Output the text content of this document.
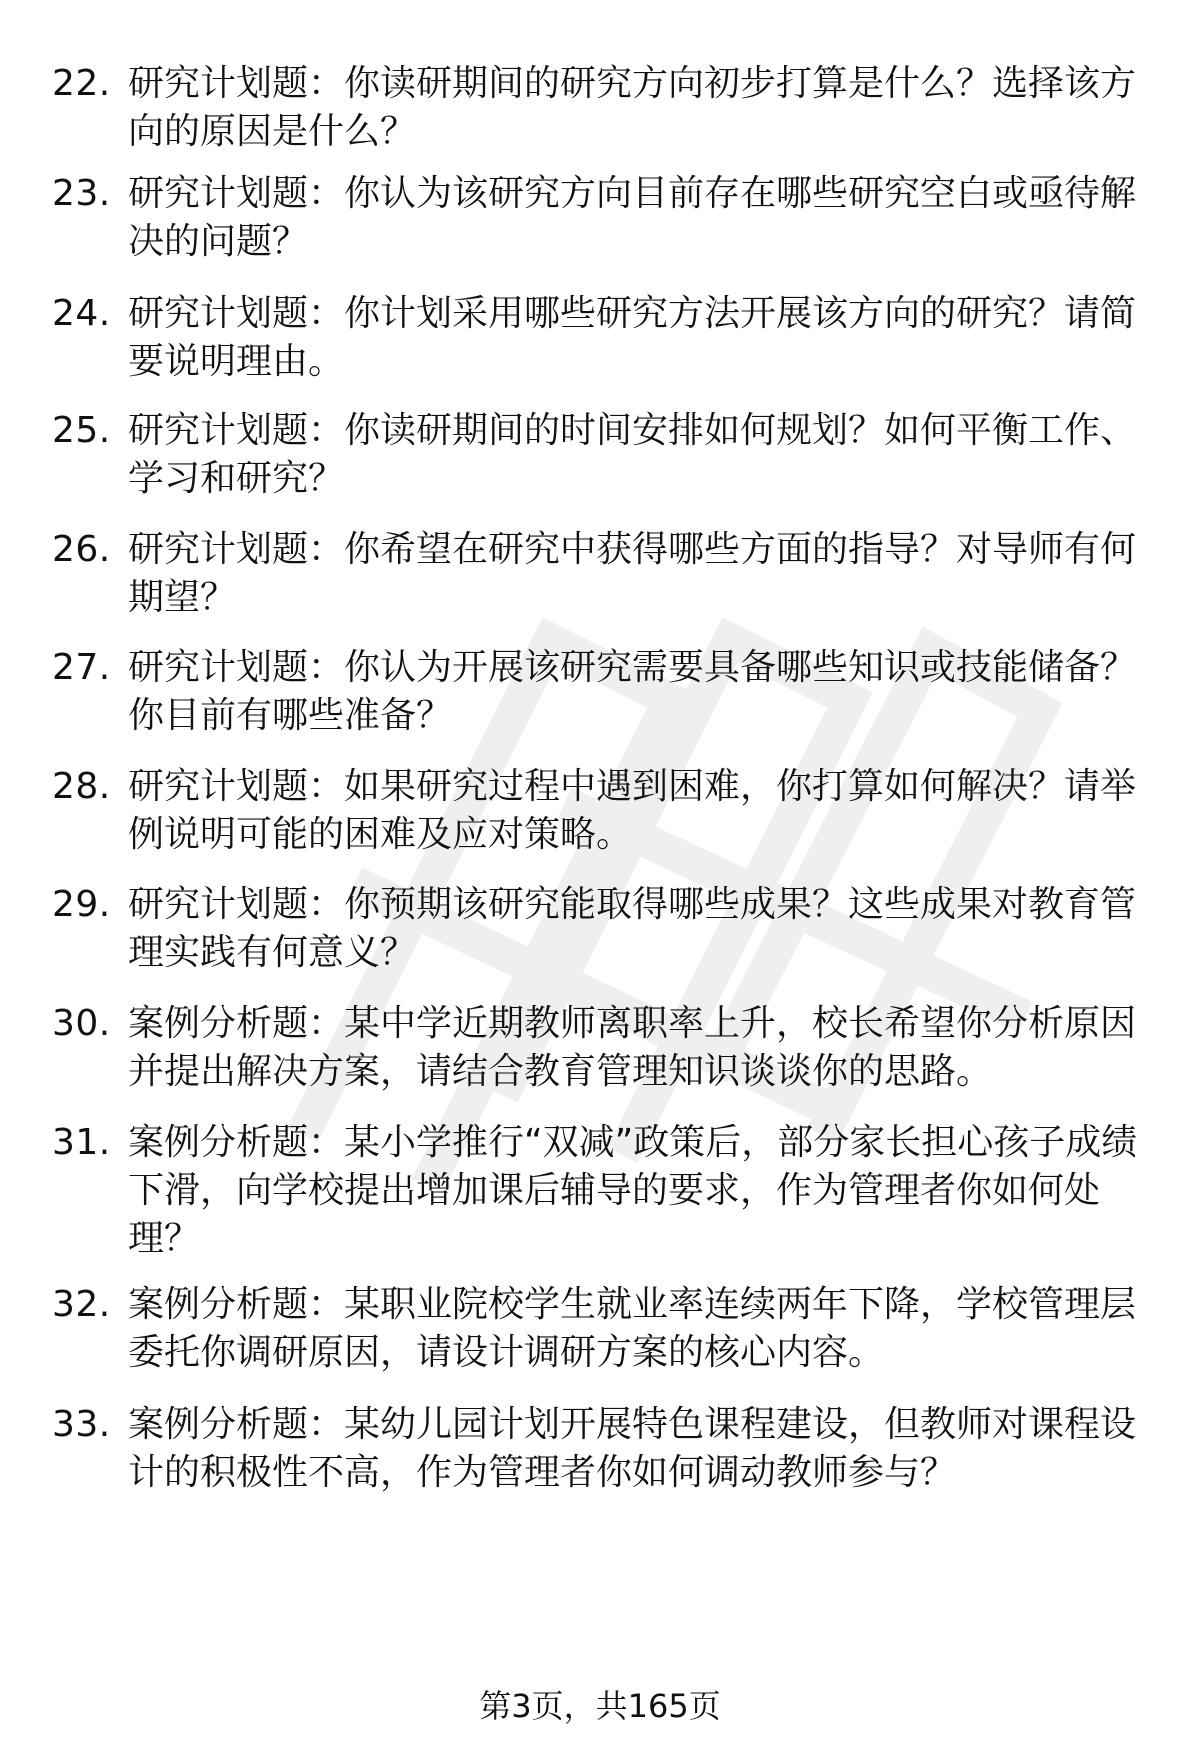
22. 研究计划题：你读研期间的研究方向初步打算是什么？选择该方向的原因是什么？
23. 研究计划题：你认为该研究方向目前存在哪些研究空白或亟待解决的问题？
24. 研究计划题：你计划采用哪些研究方法开展该方向的研究？请简要说明理由。
25. 研究计划题：你读研期间的时间安排如何规划？如何平衡工作、学习和研究？
26. 研究计划题：你希望在研究中获得哪些方面的指导？对导师有何期望？
27. 研究计划题：你认为开展该研究需要具备哪些知识或技能储备？你目前有哪些准备？
28. 研究计划题：如果研究过程中遇到困难，你打算如何解决？请举例说明可能的困难及应对策略。
29. 研究计划题：你预期该研究能取得哪些成果？这些成果对教育管理实践有何意义？
30. 案例分析题：某中学近期教师离职率上升，校长希望你分析原因并提出解决方案，请结合教育管理知识谈谈你的思路。
31. 案例分析题：某小学推行“双减”政策后，部分家长担心孩子成绩下滑，向学校提出增加课后辅导的要求，作为管理者你如何处理？
32. 案例分析题：某职业院校学生就业率连续两年下降，学校管理层委托你调研原因，请设计调研方案的核心内容。
33. 案例分析题：某幼儿园计划开展特色课程建设，但教师对课程设计的积极性不高，作为管理者你如何调动教师参与？
第3页，共165页
